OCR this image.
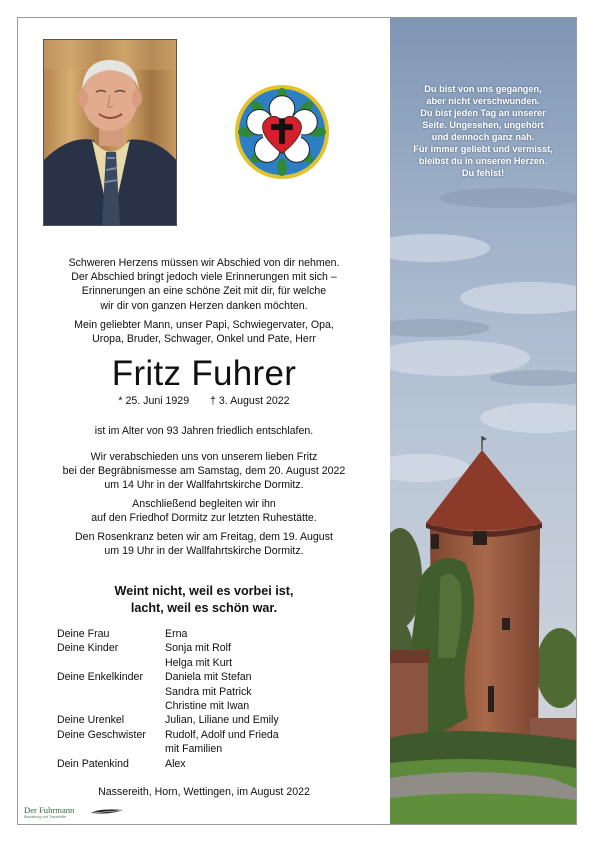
Schweren Herzens müssen wir Abschied von dir nehmen.

Der Abschied bringt jedoch viele Erinnerungen mit sich –

Erinnerungen an eine schöne Zeit mit dir, für welche

wir dir von ganzen Herzen danken möchten.

Mein geliebter Mann, unser Papi, Schwiegervater, Opa,

Uropa, Bruder, Schwager, Onkel und Pate, Herr

Fritz Fuhrer
* 25. Juni 1929 † 3. August 2022

ist im Alter von 93 Jahren friedlich entschlafen.

Wir verabschieden uns von unserem lieben Fritz

bei der Begräbnismesse am Samstag, dem 20. August 2022

um 14 Uhr in der Wallfahrtskirche Dormitz.

Anschließend begleiten wir ihn

auf den Friedhof Dormitz zur letzten Ruhestätte.

Den Rosenkranz beten wir am Freitag, dem 19. August

um 19 Uhr in der Wallfahrtskirche Dormitz.

Weint nicht, weil es vorbei ist,

lacht, weil es schön war.

Deine Frau	Erna
Deine Kinder	Sonja mit Rolf
Helga mit Kurt
Deine Enkelkinder	Daniela mit Stefan
Sandra mit Patrick
Christine mit Iwan
Deine Urenkel	Julian, Liliane und Emily
Deine Geschwister	Rudolf, Adolf und Frieda
mit Familien
Dein Patenkind	Alex
Nassereith, Horn, Wettingen, im August 2022
Der Fuhrmann
Bestattung und Trauerhilfe
Du bist von uns gegangen,
aber nicht verschwunden.
Du bist jeden Tag an unserer
Seite. Ungesehen, ungehört
und dennoch ganz nah.
Für immer geliebt und vermisst,
bleibst du in unseren Herzen.
Du fehlst!
